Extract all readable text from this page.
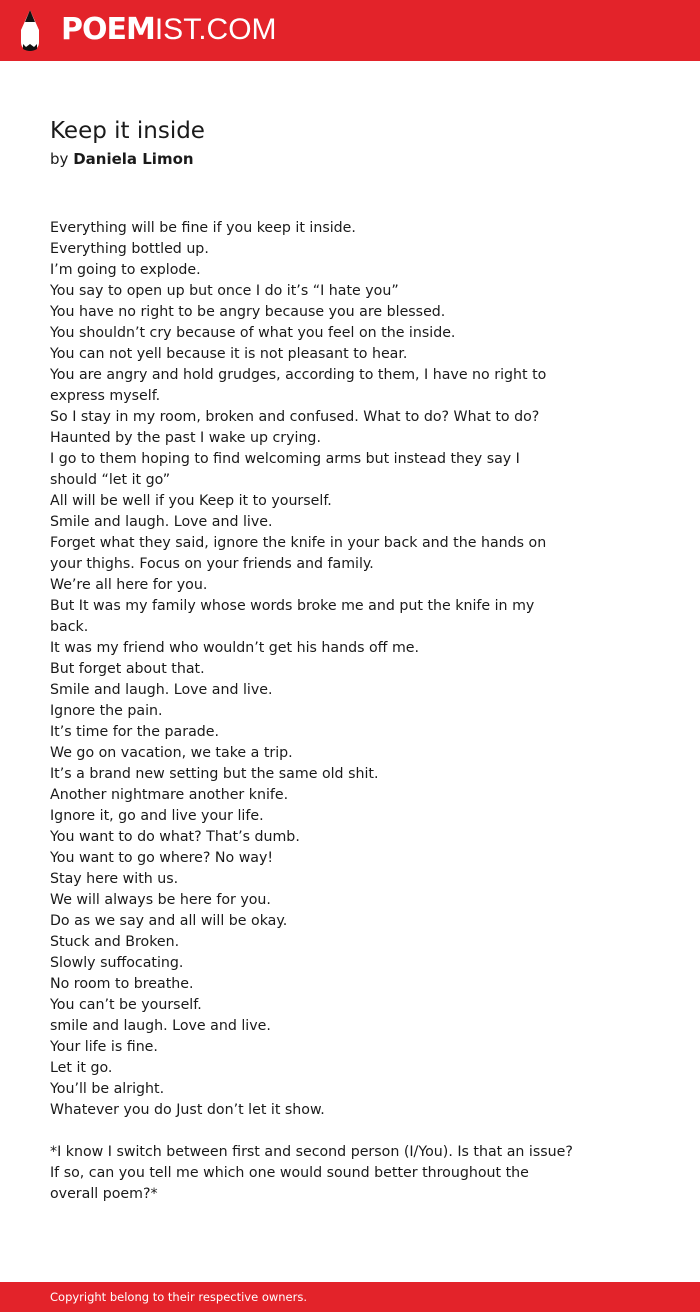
POEMIST.COM
Keep it inside
by Daniela Limon

Everything will be fine if you keep it inside.

Everything bottled up.

I’m going to explode.

You say to open up but once I do it’s “I hate you”

You have no right to be angry because you are blessed.

You shouldn’t cry because of what you feel on the inside.

You can not yell because it is not pleasant to hear.

You are angry and hold grudges, according to them, I have no right to express myself.

So I stay in my room, broken and confused. What to do? What to do?

Haunted by the past I wake up crying.

I go to them hoping to find welcoming arms but instead they say I should “let it go”

All will be well if you Keep it to yourself.

Smile and laugh. Love and live.

Forget what they said, ignore the knife in your back and the hands on your thighs. Focus on your friends and family.

We’re all here for you.

But It was my family whose words broke me and put the knife in my back.

It was my friend who wouldn’t get his hands off me.

But forget about that.

Smile and laugh. Love and live.

Ignore the pain.

It’s time for the parade.

We go on vacation, we take a trip.

It’s a brand new setting but the same old shit.

Another nightmare another knife.

Ignore it, go and live your life.

You want to do what? That’s dumb.

You want to go where? No way!

Stay here with us.

We will always be here for you.

Do as we say and all will be okay.

Stuck and Broken.

Slowly suffocating.

No room to breathe.

You can’t be yourself.

smile and laugh. Love and live.

Your life is fine.

Let it go.

You’ll be alright.

Whatever you do Just don’t let it show.

*I know I switch between first and second person (I/You). Is that an issue? If so, can you tell me which one would sound better throughout the overall poem?*
Copyright belong to their respective owners.
